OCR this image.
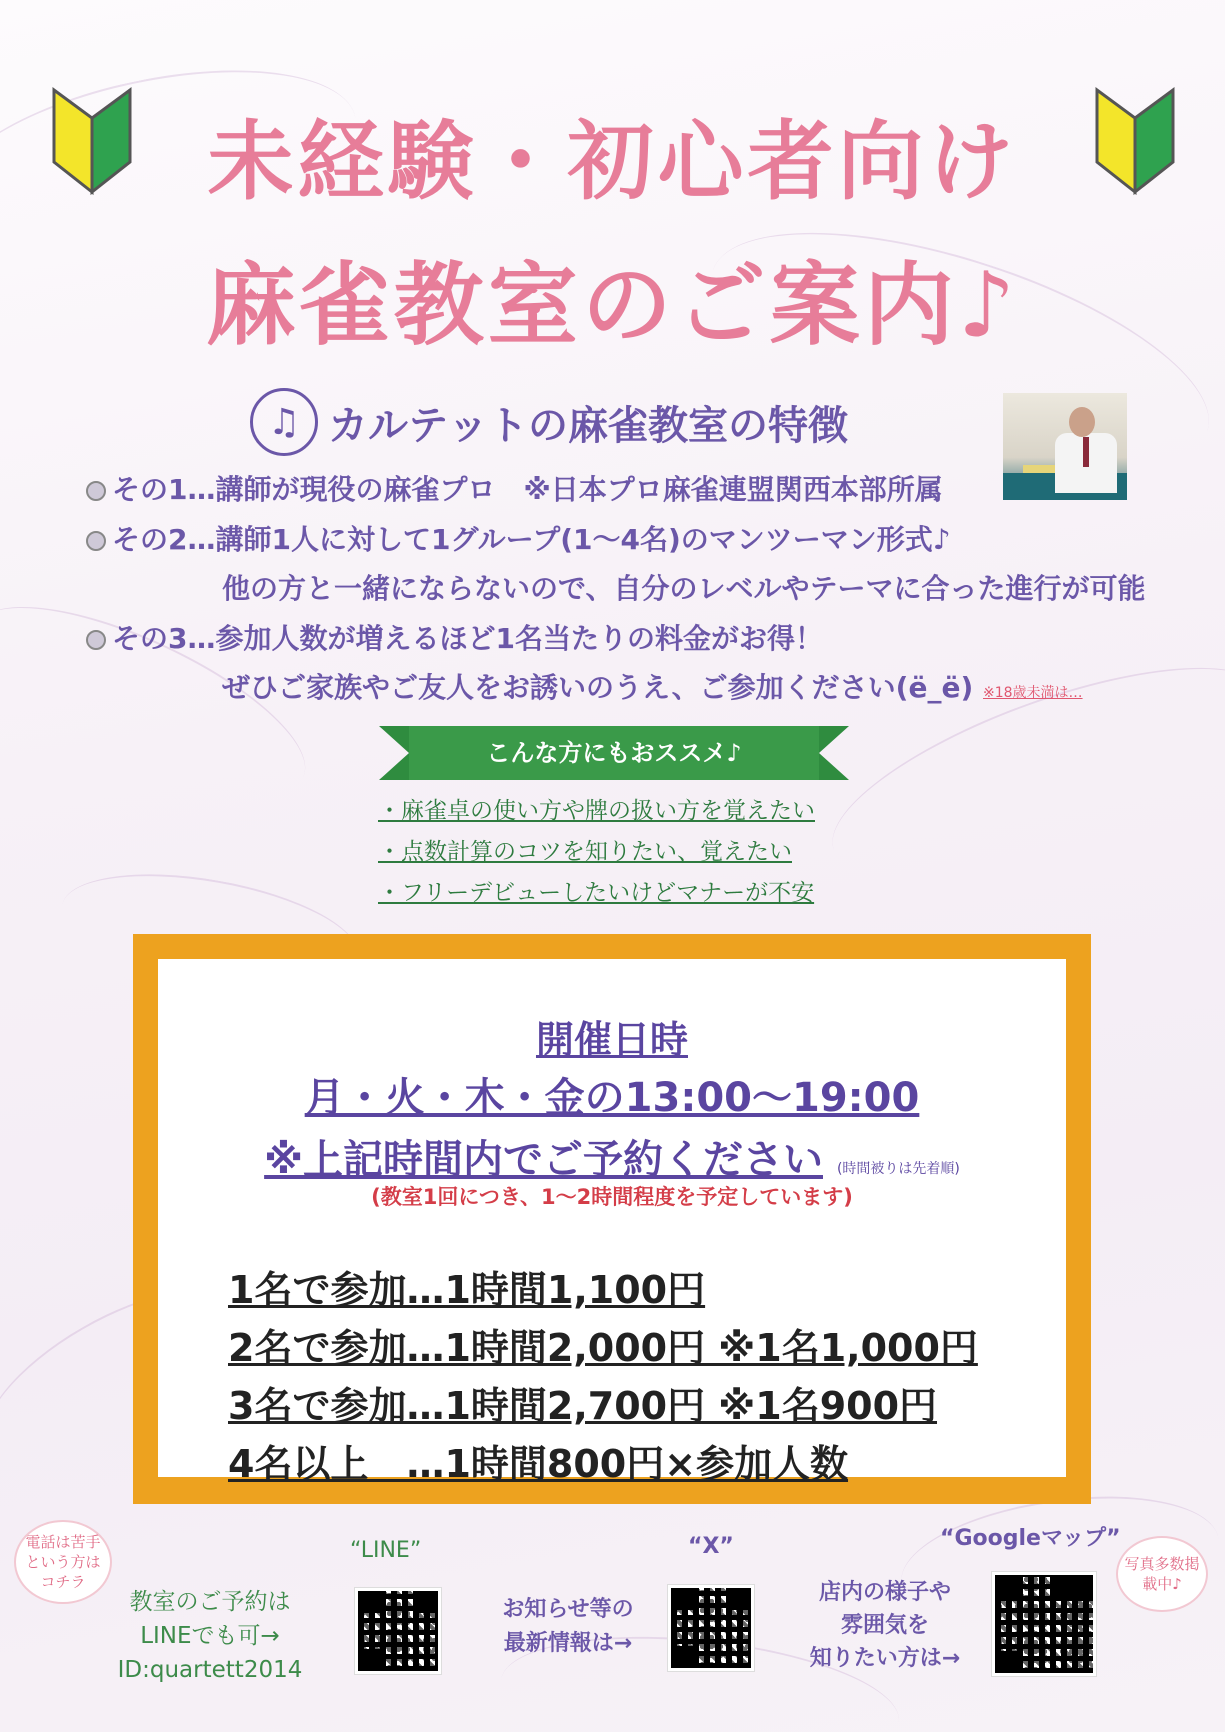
未経験・初心者向け
麻雀教室のご案内♪
♫ カルテットの麻雀教室の特徴
その1…講師が現役の麻雀プロ　※日本プロ麻雀連盟関西本部所属
その2…講師1人に対して1グループ(1～4名)のマンツーマン形式♪
他の方と一緒にならないので、自分のレベルやテーマに合った進行が可能
その3…参加人数が増えるほど1名当たりの料金がお得！
ぜひご家族やご友人をお誘いのうえ、ご参加ください(ë_ë) ※18歳未満は…
こんな方にもおススメ♪
・麻雀卓の使い方や牌の扱い方を覚えたい
・点数計算のコツを知りたい、覚えたい
・フリーデビューしたいけどマナーが不安
開催日時
月・火・木・金の13:00～19:00
※上記時間内でご予約ください (時間被りは先着順)
(教室1回につき、1～2時間程度を予定しています)
1名で参加…1時間1,100円
2名で参加…1時間2,000円 ※1名1,000円
3名で参加…1時間2,700円 ※1名900円
4名以上　…1時間800円×参加人数
電話は苦手という方はコチラ
“LINE”
教室のご予約は
LINEでも可→
ID:quartett2014
“X”
お知らせ等の
最新情報は→
“Googleマップ”
店内の様子や
雰囲気を
知りたい方は→
写真多数掲載中♪
